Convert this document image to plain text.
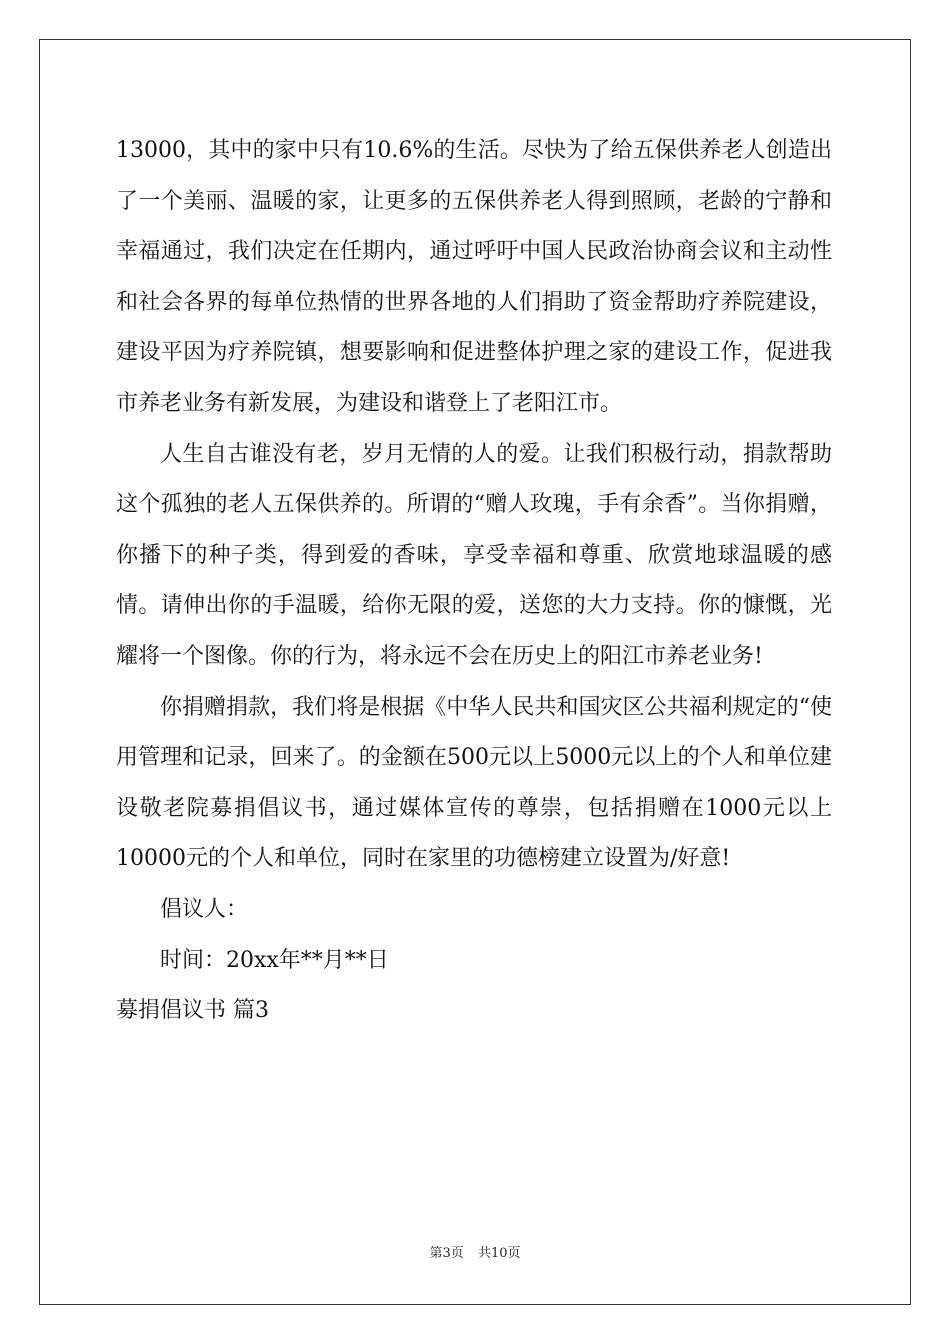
13000，其中的家中只有10.6%的生活。尽快为了给五保供养老人创造出了一个美丽、温暖的家，让更多的五保供养老人得到照顾，老龄的宁静和幸福通过，我们决定在任期内，通过呼吁中国人民政治协商会议和主动性和社会各界的每单位热情的世界各地的人们捐助了资金帮助疗养院建设，建设平因为疗养院镇，想要影响和促进整体护理之家的建设工作，促进我市养老业务有新发展，为建设和谐登上了老阳江市。

人生自古谁没有老，岁月无情的人的爱。让我们积极行动，捐款帮助这个孤独的老人五保供养的。所谓的“赠人玫瑰，手有余香”。当你捐赠，你播下的种子类，得到爱的香味，享受幸福和尊重、欣赏地球温暖的感情。请伸出你的手温暖，给你无限的爱，送您的大力支持。你的慷慨，光耀将一个图像。你的行为，将永远不会在历史上的阳江市养老业务!

你捐赠捐款，我们将是根据《中华人民共和国灾区公共福利规定的“使用管理和记录，回来了。的金额在500元以上5000元以上的个人和单位建设敬老院募捐倡议书，通过媒体宣传的尊崇，包括捐赠在1000元以上10000元的个人和单位，同时在家里的功德榜建立设置为/好意!

倡议人：

时间：20xx年**月**日

募捐倡议书 篇3

第3页 共10页
